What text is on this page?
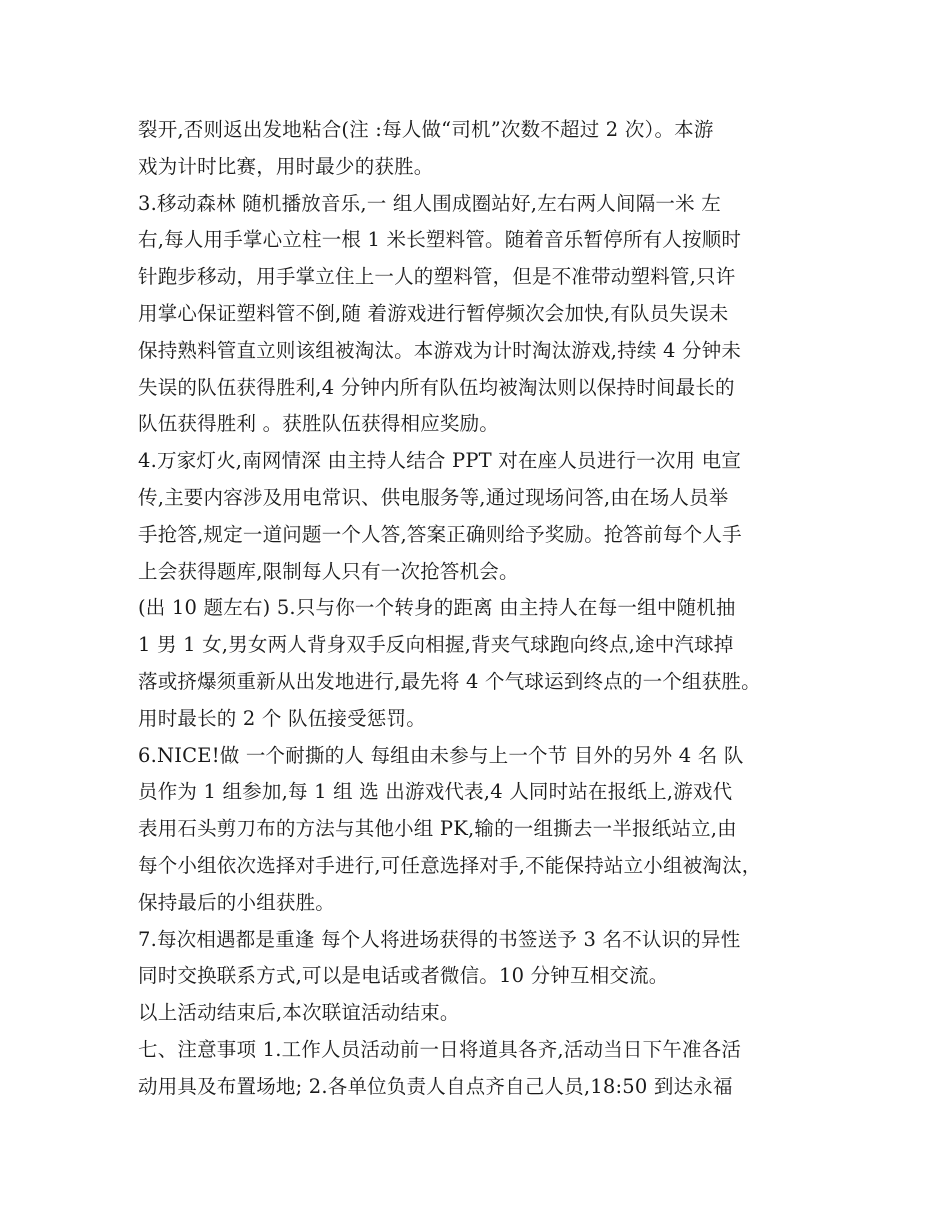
裂开,否则返出发地粘合(注 :每人做“司机”次数不超过 2 次）。本游
戏为计时比赛，用时最少的获胜。
3.移动森林 随机播放音乐,一 组人围成圈站好,左右两人间隔一米 左
右,每人用手掌心立柱一根 1 米长塑料管。随着音乐暂停所有人按顺时
针跑步移动，用手掌立住上一人的塑料管，但是不准带动塑料管,只许
用掌心保证塑料管不倒,随 着游戏进行暂停频次会加快,有队员失误未
保持熟料管直立则该组被淘汰。本游戏为计时淘汰游戏,持续 4 分钟未
失误的队伍获得胜利,4 分钟内所有队伍均被淘汰则以保持时间最长的
队伍获得胜利 。获胜队伍获得相应奖励。
4.万家灯火,南网情深 由主持人结合 PPT 对在座人员进行一次用 电宣
传,主要内容涉及用电常识、供电服务等,通过现场问答,由在场人员举
手抢答,规定一道问题一个人答,答案正确则给予奖励。抢答前每个人手
上会获得题库,限制每人只有一次抢答机会。
(出 10 题左右) 5.只与你一个转身的距离 由主持人在每一组中随机抽
1 男 1 女,男女两人背身双手反向相握,背夹气球跑向终点,途中汽球掉
落或挤爆须重新从出发地进行,最先将 4 个气球运到终点的一个组获胜。
用时最长的 2 个 队伍接受惩罚。
6.NICE!做 一个耐撕的人 每组由未参与上一个节 目外的另外 4 名 队
员作为 1 组参加,每 1 组 选 出游戏代表,4 人同时站在报纸上,游戏代
表用石头剪刀布的方法与其他小组 PK,输的一组撕去一半报纸站立,由
每个小组依次选择对手进行,可任意选择对手,不能保持站立小组被淘汰，
保持最后的小组获胜。
7.每次相遇都是重逢 每个人将进场获得的书签送予 3 名不认识的异性
同时交换联系方式,可以是电话或者微信。10 分钟互相交流。
以上活动结束后,本次联谊活动结束。
七、注意事项 1.工作人员活动前一日将道具各齐,活动当日下午准各活
动用具及布置场地; 2.各单位负责人自点齐自己人员,18:50 到达永福
